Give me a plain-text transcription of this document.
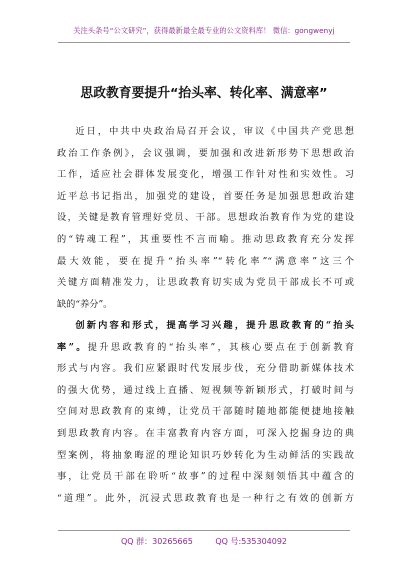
关注头条号“公文研究”，获得最新最全最专业的公文资料库！ 微信：gongwenyj
思政教育要提升“抬头率、转化率、满意率”
近日，中共中央政治局召开会议，审议《中国共产党思想
政治工作条例》，会议强调，要加强和改进新形势下思想政治
工作，适应社会群体发展变化，增强工作针对性和实效性。习
近平总书记指出，加强党的建设，首要任务是加强思想政治建
设，关键是教育管理好党员、干部。思想政治教育作为党的建设
的“铸魂工程”，其重要性不言而喻。推动思政教育充分发挥
最大效能，要在提升“抬头率”“转化率”“满意率”这三个
关键方面精准发力，让思政教育切实成为党员干部成长不可或
缺的“养分”。
创新内容和形式，提高学习兴趣，提升思政教育的“抬头
率”。提升思政教育的“抬头率”，其核心要点在于创新教育
形式与内容。我们应紧跟时代发展步伐，充分借助新媒体技术
的强大优势，通过线上直播、短视频等新颖形式，打破时间与
空间对思政教育的束缚，让党员干部随时随地都能便捷地接触
到思政教育内容。在丰富教育内容方面，可深入挖掘身边的典
型案例，将抽象晦涩的理论知识巧妙转化为生动鲜活的实践故
事，让党员干部在聆听“故事”的过程中深刻领悟其中蕴含的
“道理”。此外，沉浸式思政教育也是一种行之有效的创新方
QQ 群：30265665	QQ 号:535304092
